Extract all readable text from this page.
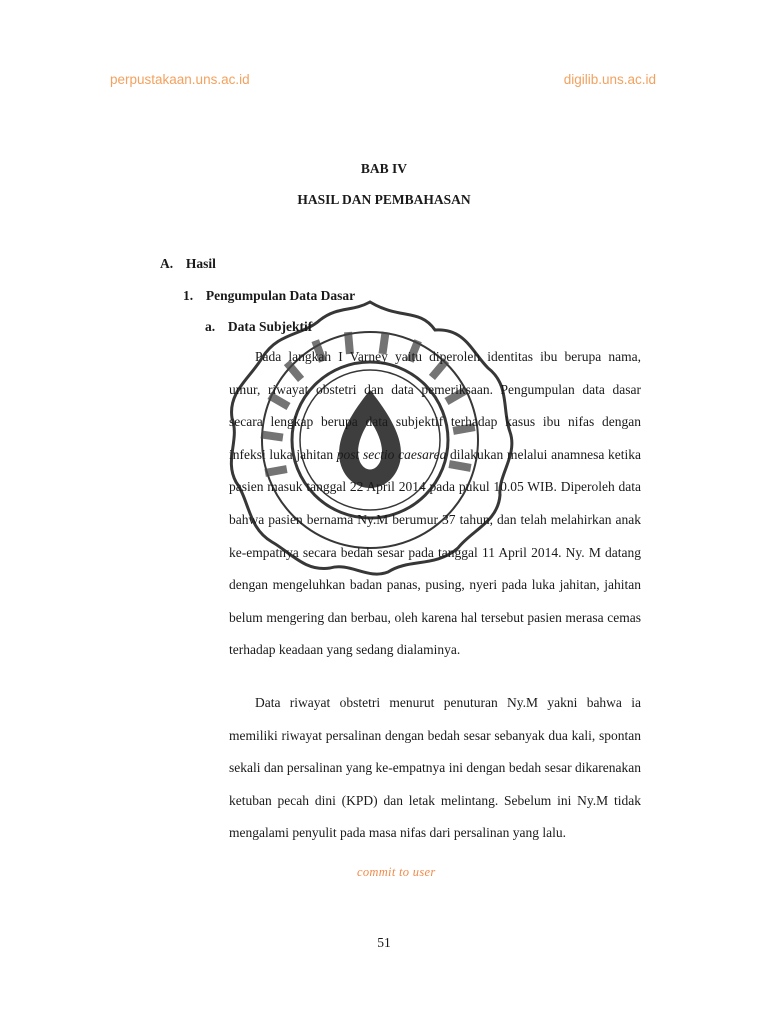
perpustakaan.uns.ac.id	digilib.uns.ac.id
BAB IV
HASIL DAN PEMBAHASAN
A. Hasil
1. Pengumpulan Data Dasar
a. Data Subjektif

Pada langkah I Varney yaitu diperoleh identitas ibu berupa nama, umur, riwayat obstetri dan data pemeriksaan. Pengumpulan data dasar secara lengkap berupa data subjektif terhadap kasus ibu nifas dengan infeksi luka jahitan post sectio caesarea dilakukan melalui anamnesa ketika pasien masuk tanggal 22 April 2014 pada pukul 10.05 WIB. Diperoleh data bahwa pasien bernama Ny.M berumur 37 tahun, dan telah melahirkan anak ke-empatnya secara bedah sesar pada tanggal 11 April 2014. Ny. M datang dengan mengeluhkan badan panas, pusing, nyeri pada luka jahitan, jahitan belum mengering dan berbau, oleh karena hal tersebut pasien merasa cemas terhadap keadaan yang sedang dialaminya.

Data riwayat obstetri menurut penuturan Ny.M yakni bahwa ia memiliki riwayat persalinan dengan bedah sesar sebanyak dua kali, spontan sekali dan persalinan yang ke-empatnya ini dengan bedah sesar dikarenakan ketuban pecah dini (KPD) dan letak melintang. Sebelum ini Ny.M tidak mengalami penyulit pada masa nifas dari persalinan yang lalu.

commit to user
51
